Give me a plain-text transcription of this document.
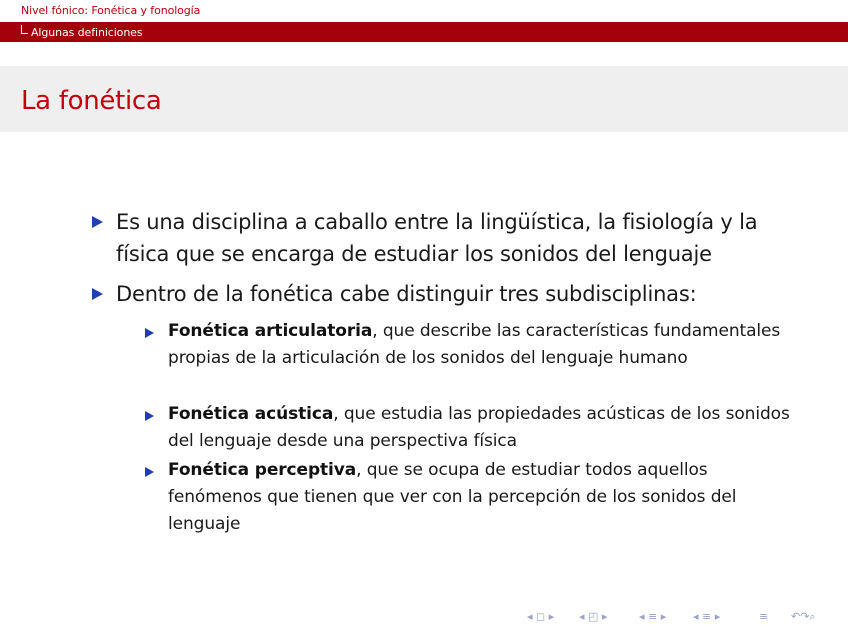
Nivel fónico: Fonética y fonología
Algunas definiciones
La fonética
Es una disciplina a caballo entre la lingüística, la fisiología y la física que se encarga de estudiar los sonidos del lenguaje
Dentro de la fonética cabe distinguir tres subdisciplinas:
Fonética articulatoria, que describe las características fundamentales propias de la articulación de los sonidos del lenguaje humano
Fonética acústica, que estudia las propiedades acústicas de los sonidos del lenguaje desde una perspectiva física
Fonética perceptiva, que se ocupa de estudiar todos aquellos fenómenos que tienen que ver con la percepción de los sonidos del lenguaje
◂ ◻ ▸ ◂ ◰ ▸	◂ ≡ ▸ ◂ ≡ ▸	≡ ↶↷⌕
